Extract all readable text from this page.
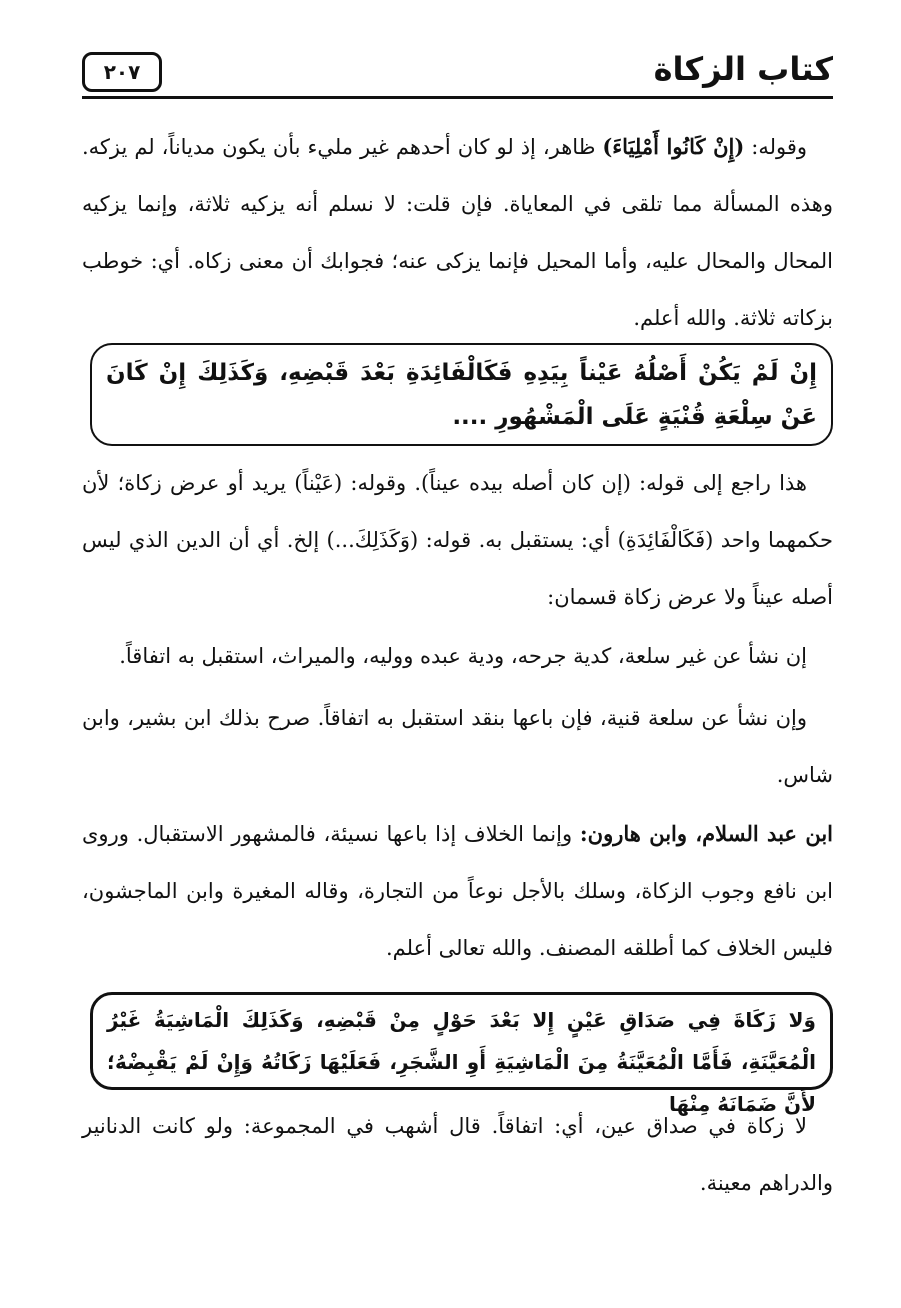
٢٠٧	كتاب الزكاة

وقوله: (إِنْ كَانُوا أَمْلِيَاءَ) ظاهر، إذ لو كان أحدهم غير مليء بأن يكون مدياناً، لم يزكه. وهذه المسألة مما تلقى في المعاياة. فإن قلت: لا نسلم أنه يزكيه ثلاثة، وإنما يزكيه المحال والمحال عليه، وأما المحيل فإنما يزكى عنه؛ فجوابك أن معنى زكاه. أي: خوطب بزكاته ثلاثة. والله أعلم.

إِنْ لَمْ يَكُنْ أَصْلُهُ عَيْناً بِيَدِهِ فَكَالْفَائِدَةِ بَعْدَ قَبْضِهِ، وَكَذَلِكَ إِنْ كَانَ عَنْ سِلْعَةِ قُنْيَةٍ عَلَى الْمَشْهُورِ ....

هذا راجع إلى قوله: (إن كان أصله بيده عيناً). وقوله: (عَيْناً) يريد أو عرض زكاة؛ لأن حكمهما واحد (فَكَالْفَائِدَةِ) أي: يستقبل به. قوله: (وَكَذَلِكَ...) إلخ. أي أن الدين الذي ليس أصله عيناً ولا عرض زكاة قسمان:

إن نشأ عن غير سلعة، كدية جرحه، ودية عبده ووليه، والميراث، استقبل به اتفاقاً.

وإن نشأ عن سلعة قنية، فإن باعها بنقد استقبل به اتفاقاً. صرح بذلك ابن بشير، وابن شاس.

ابن عبد السلام، وابن هارون: وإنما الخلاف إذا باعها نسيئة، فالمشهور الاستقبال. وروى ابن نافع وجوب الزكاة، وسلك بالأجل نوعاً من التجارة، وقاله المغيرة وابن الماجشون، فليس الخلاف كما أطلقه المصنف. والله تعالى أعلم.

وَلا زَكَاةَ فِي صَدَاقِ عَيْنٍ إِلا بَعْدَ حَوْلٍ مِنْ قَبْضِهِ، وَكَذَلِكَ الْمَاشِيَةُ غَيْرُ الْمُعَيَّنَةِ، فَأَمَّا الْمُعَيَّنَةُ مِنَ الْمَاشِيَةِ أَوِ الشَّجَرِ، فَعَلَيْهَا زَكَاتُهُ وَإِنْ لَمْ يَقْبِضْهُ؛ لأَنَّ ضَمَانَهُ مِنْهَا

لا زكاة في صداق عين، أي: اتفاقاً. قال أشهب في المجموعة: ولو كانت الدنانير والدراهم معينة.
